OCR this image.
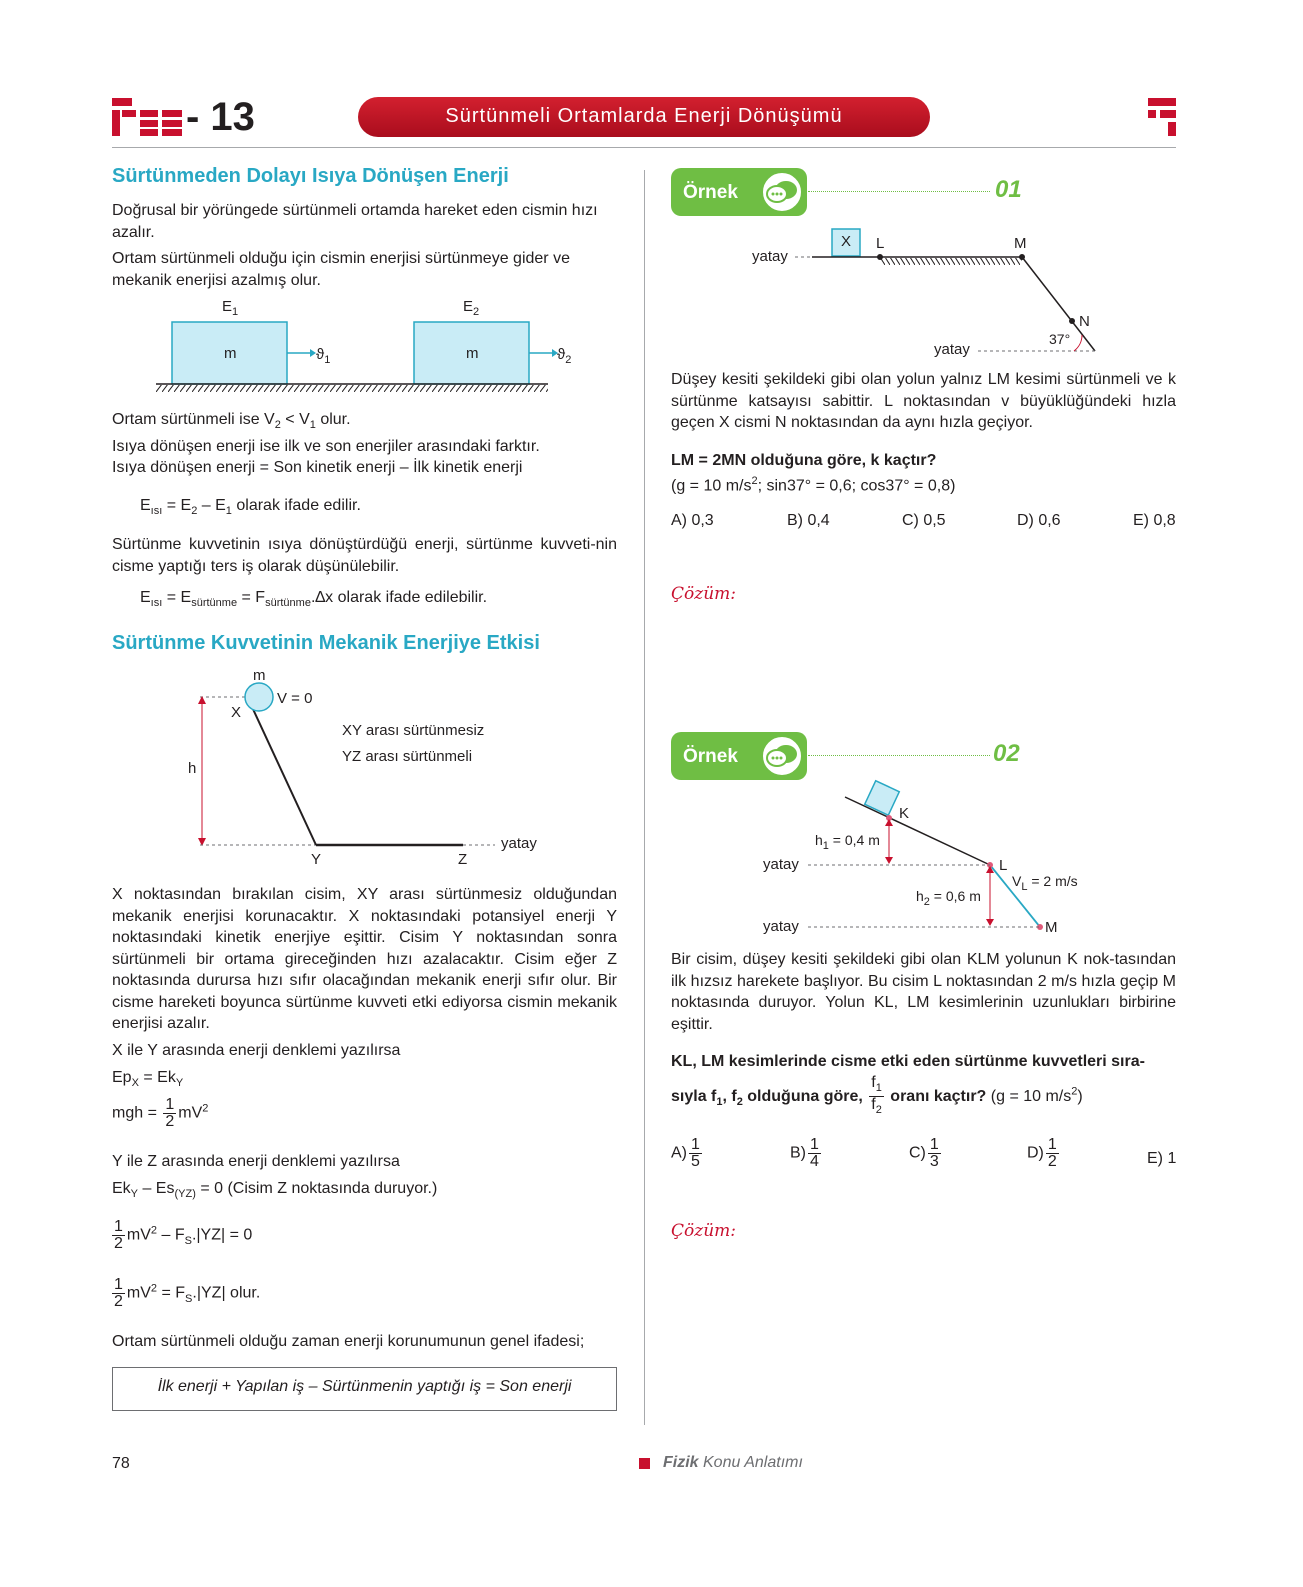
- 13	Sürtünmeli Ortamlarda Enerji Dönüşümü
Sürtünmeden Dolayı Isıya Dönüşen Enerji

Doğrusal bir yörüngede sürtünmeli ortamda hareket eden cismin hızı azalır.

Ortam sürtünmeli olduğu için cismin enerjisi sürtünmeye gider ve mekanik enerjisi azalmış olur.

$E_1$	$E_2$
m	m
$ϑ_1$	$ϑ_2$

Ortam sürtünmeli ise $V_2 < V_1$ olur.

Isıya dönüşen enerji ise ilk ve son enerjiler arasındaki farktır.

Isıya dönüşen enerji = Son kinetik enerji – İlk kinetik enerji

$E_{ısı} = E_2 - E_1$ olarak ifade edilir.

Sürtünme kuvvetinin ısıya dönüştürdüğü enerji, sürtünme kuvveti-nin cisme yaptığı ters iş olarak düşünülebilir.

$E_{ısı} = E_{sürtünme} = F_{sürtünme}.\Delta x$ olarak ifade edilebilir.

Sürtünme Kuvvetinin Mekanik Enerjiye Etkisi
m
V = 0
X
h
XY arası sürtünmesiz
YZ arası sürtünmeli
yatay
Y	Z

X noktasından bırakılan cisim, XY arası sürtünmesiz olduğundan mekanik enerjisi korunacaktır. X noktasındaki potansiyel enerji Y noktasındaki kinetik enerjiye eşittir. Cisim Y noktasından sonra sürtünmeli bir ortama gireceğinden hızı azalacaktır. Cisim eğer Z noktasında durursa hızı sıfır olacağından mekanik enerji sıfır olur. Bir cisme hareketi boyunca sürtünme kuvveti etki ediyorsa cismin mekanik enerjisi azalır.

X ile Y arasında enerji denklemi yazılırsa

$Ep_X = Ek_Y$

mgh = $\frac{1}{2} mV^2$

Y ile Z arasında enerji denklemi yazılırsa

$Ek_Y - Es_{(YZ)} = 0$ (Cisim Z noktasında duruyor.)

$\frac{1}{2} mV^2 - F_S.|YZ| = 0$
$\frac{1}{2} mV^2 = F_S.|YZ|$ olur.

Ortam sürtünmeli olduğu zaman enerji korunumunun genel ifadesi;

İlk enerji + Yapılan iş – Sürtünmenin yaptığı iş = Son enerji
Örnek	01
X L	M
yatay
N
37°
yatay

Düşey kesiti şekildeki gibi olan yolun yalnız LM kesimi sürtünmeli ve k sürtünme katsayısı sabittir. L noktasından v büyüklüğündeki hızla geçen X cismi N noktasından da aynı hızla geçiyor.

LM = 2MN olduğuna göre, k kaçtır?

(g = 10 $m/s^2$; sin37° = 0,6; cos37° = 0,8)

A) 0,3	B) 0,4	C) 0,5	D) 0,6	E) 0,8
Çözüm:
Örnek	02
K
$h_1 = 0,4$ m
yatay	L
$V_L = 2$ m/s
$h_2 = 0,6$ m
yatay	M

Bir cisim, düşey kesiti şekildeki gibi olan KLM yolunun K nok-tasından ilk hızsız harekete başlıyor. Bu cisim L noktasından 2 m/s hızla geçip M noktasında duruyor. Yolun KL, LM kesimlerinin uzunlukları birbirine eşittir.

KL, LM kesimlerinde cisme etki eden sürtünme kuvvetleri sıra-

sıyla $f_1$, $f_2$ olduğuna göre, $\frac{f_1}{f_2}$ oranı kaçtır? (g = 10 $m/s^2$)
$A) \frac{1}{5}$	$B) \frac{1}{4}$	$C) \frac{1}{3}$	$D) \frac{1}{2}$	E) 1
Çözüm:
78	Fizik Konu Anlatımı
